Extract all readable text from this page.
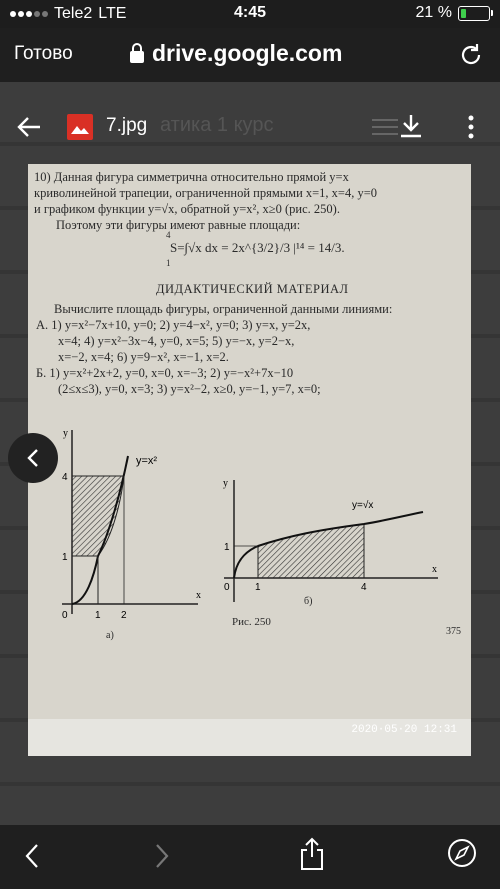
Tele2 LTE	4:45	21 %
Готово	drive.google.com
атика 1 курс
7.jpg
10) Данная фигура симметрична относительно прямой y=x
криволинейной трапеции, ограниченной прямыми x=1, x=4, y=0
и графиком функции y=√x, обратной y=x², x≥0 (рис. 250).
Поэтому эти фигуры имеют равные площади:
4
S=∫√x dx = 2x^{3/2}/3 |¹⁴ = 14/3.
1
ДИДАКТИЧЕСКИЙ МАТЕРИАЛ
Вычислите площадь фигуры, ограниченной данными линиями:
А. 1) y=x²−7x+10, y=0; 2) y=4−x², y=0; 3) y=x, y=2x,
x=4; 4) y=x²−3x−4, y=0, x=5; 5) y=−x, y=2−x,
x=−2, x=4; 6) y=9−x², x=−1, x=2.
Б. 1) y=x²+2x+2, y=0, x=0, x=−3; 2) y=−x²+7x−10
(2≤x≤3), y=0, x=3; 3) y=x²−2, x≥0, y=−1, y=7, x=0;
y=x²
y
x
0	1 2
1
4
а)
y=√x
y
x
0	1	4
1
б)
Рис. 250
375
2020·05·20 12:31
